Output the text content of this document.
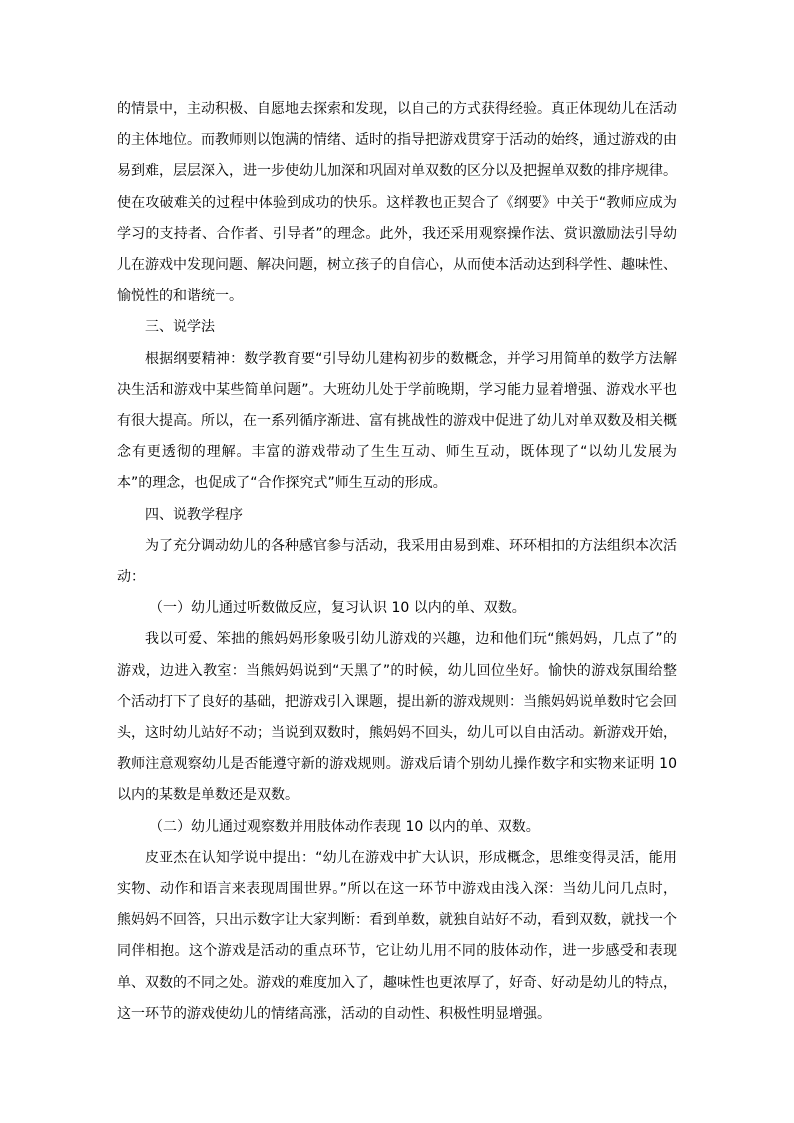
的情景中，主动积极、自愿地去探索和发现，以自己的方式获得经验。真正体现幼儿在活动的主体地位。而教师则以饱满的情绪、适时的指导把游戏贯穿于活动的始终，通过游戏的由易到难，层层深入，进一步使幼儿加深和巩固对单双数的区分以及把握单双数的排序规律。使在攻破难关的过程中体验到成功的快乐。这样教也正契合了《纲要》中关于“教师应成为学习的支持者、合作者、引导者”的理念。此外，我还采用观察操作法、赏识激励法引导幼儿在游戏中发现问题、解决问题，树立孩子的自信心，从而使本活动达到科学性、趣味性、愉悦性的和谐统一。

三、说学法

根据纲要精神：数学教育要“引导幼儿建构初步的数概念，并学习用简单的数学方法解决生活和游戏中某些简单问题”。大班幼儿处于学前晚期，学习能力显着增强、游戏水平也有很大提高。所以，在一系列循序渐进、富有挑战性的游戏中促进了幼儿对单双数及相关概念有更透彻的理解。丰富的游戏带动了生生互动、师生互动，既体现了“以幼儿发展为本”的理念，也促成了“合作探究式”师生互动的形成。

四、说教学程序

为了充分调动幼儿的各种感官参与活动，我采用由易到难、环环相扣的方法组织本次活动：

（一）幼儿通过听数做反应，复习认识 10 以内的单、双数。

我以可爱、笨拙的熊妈妈形象吸引幼儿游戏的兴趣，边和他们玩“熊妈妈，几点了”的游戏，边进入教室：当熊妈妈说到“天黑了”的时候，幼儿回位坐好。愉快的游戏氛围给整个活动打下了良好的基础，把游戏引入课题，提出新的游戏规则：当熊妈妈说单数时它会回头，这时幼儿站好不动；当说到双数时，熊妈妈不回头，幼儿可以自由活动。新游戏开始，教师注意观察幼儿是否能遵守新的游戏规则。游戏后请个别幼儿操作数字和实物来证明 10 以内的某数是单数还是双数。

（二）幼儿通过观察数并用肢体动作表现 10 以内的单、双数。

皮亚杰在认知学说中提出：“幼儿在游戏中扩大认识，形成概念，思维变得灵活，能用实物、动作和语言来表现周围世界。”所以在这一环节中游戏由浅入深：当幼儿问几点时，熊妈妈不回答，只出示数字让大家判断：看到单数，就独自站好不动，看到双数，就找一个同伴相抱。这个游戏是活动的重点环节，它让幼儿用不同的肢体动作，进一步感受和表现单、双数的不同之处。游戏的难度加入了，趣味性也更浓厚了，好奇、好动是幼儿的特点，这一环节的游戏使幼儿的情绪高涨，活动的自动性、积极性明显增强。
